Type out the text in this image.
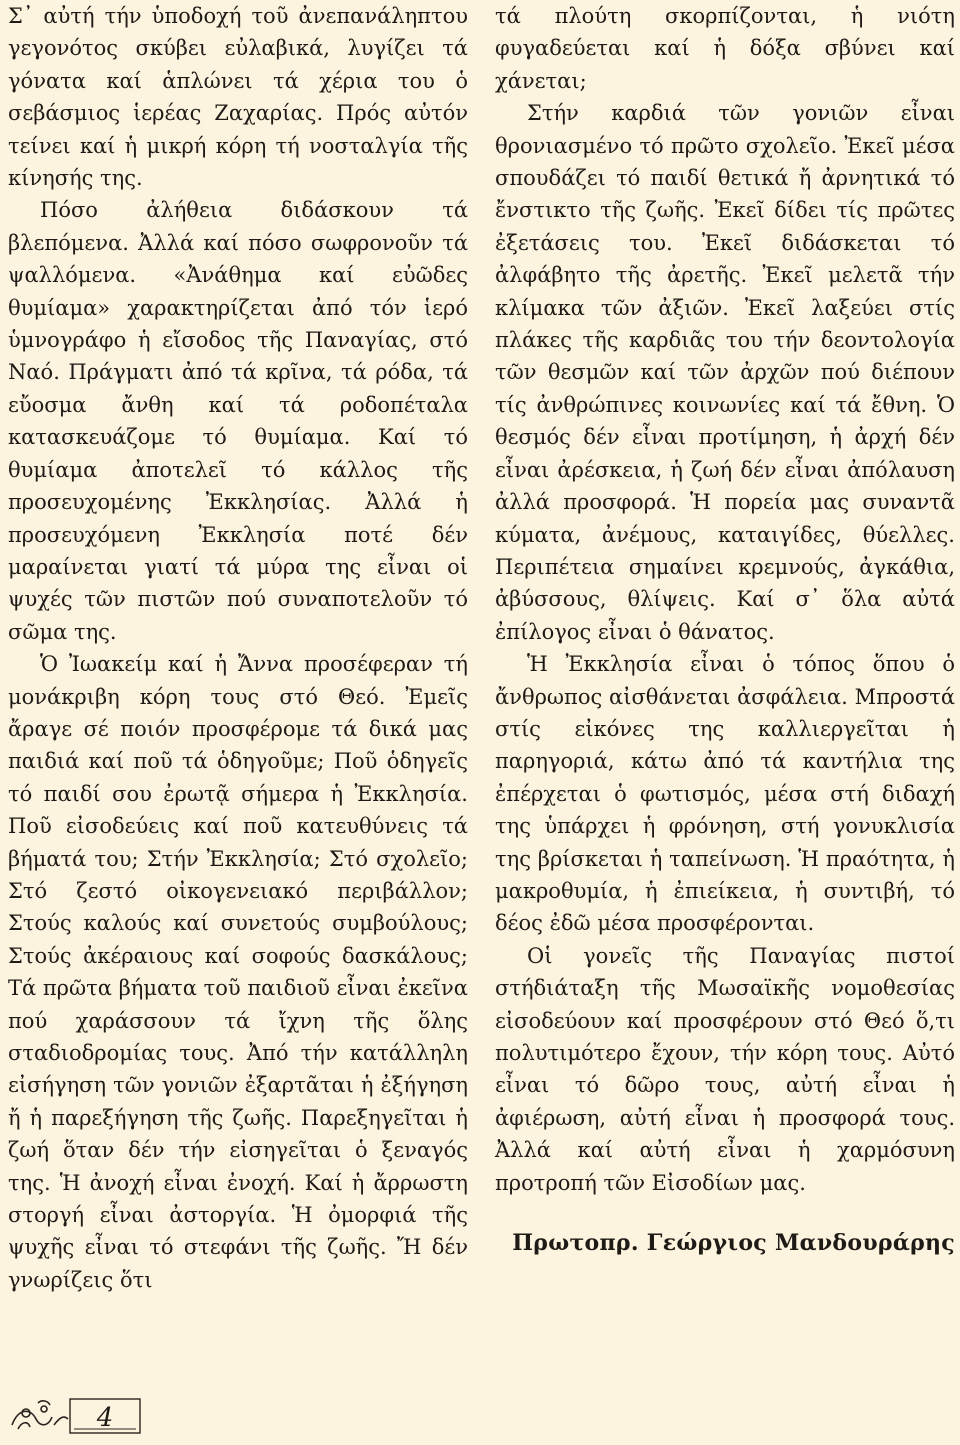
Σ᾽ αὐτή τήν ὑποδοχή τοῦ ἀνεπανάληπτου γεγονότος σκύβει εὐλαβικά, λυγίζει τά γόνατα καί ἁπλώνει τά χέρια του ὁ σεβάσμιος ἱερέας Ζαχαρίας. Πρός αὐτόν τείνει καί ἡ μικρή κόρη τή νοσταλγία τῆς κίνησής της.

Πόσο ἀλήθεια διδάσκουν τά βλεπόμενα. Ἀλλά καί πόσο σωφρονοῦν τά ψαλλόμενα. «Ἀνάθημα καί εὐῶδες θυμίαμα» χαρακτηρίζεται ἀπό τόν ἱερό ὑμνογράφο ἡ εἴσοδος τῆς Παναγίας, στό Ναό. Πράγματι ἀπό τά κρῖνα, τά ρόδα, τά εὔοσμα ἄνθη καί τά ροδοπέταλα κατασκευάζομε τό θυμίαμα. Καί τό θυμίαμα ἀποτελεῖ τό κάλλος τῆς προσευχομένης Ἐκκλησίας. Ἀλλά ἡ προσευχόμενη Ἐκκλησία ποτέ δέν μαραίνεται γιατί τά μύρα της εἶναι οἱ ψυχές τῶν πιστῶν πού συναποτελοῦν τό σῶμα της.

Ὁ Ἰωακείμ καί ἡ Ἄννα προσέφεραν τή μονάκριβη κόρη τους στό Θεό. Ἐμεῖς ἄραγε σέ ποιόν προσφέρομε τά δικά μας παιδιά καί ποῦ τά ὁδηγοῦμε; Ποῦ ὁδηγεῖς τό παιδί σου ἐρωτᾷ σήμερα ἡ Ἐκκλησία. Ποῦ εἰσοδεύεις καί ποῦ κατευθύνεις τά βήματά του; Στήν Ἐκκλησία; Στό σχολεῖο; Στό ζεστό οἰκογενειακό περιβάλλον; Στούς καλούς καί συνετούς συμβούλους; Στούς ἀκέραιους καί σοφούς δασκάλους; Τά πρῶτα βήματα τοῦ παιδιοῦ εἶναι ἐκεῖνα πού χαράσσουν τά ἴχνη τῆς ὅλης σταδιοδρομίας τους. Ἀπό τήν κατάλληλη εἰσήγηση τῶν γονιῶν ἐξαρτᾶται ἡ ἐξήγηση ἤ ἡ παρεξήγηση τῆς ζωῆς. Παρεξηγεῖται ἡ ζωή ὅταν δέν τήν εἰσηγεῖται ὁ ξεναγός της. Ἡ ἀνοχή εἶναι ἐνοχή. Καί ἡ ἄρρωστη στοργή εἶναι ἀστοργία. Ἡ ὀμορφιά τῆς ψυχῆς εἶναι τό στεφάνι τῆς ζωῆς. Ἤ δέν γνωρίζεις ὅτι

τά πλούτη σκορπίζονται, ἡ νιότη φυγαδεύεται καί ἡ δόξα σβύνει καί χάνεται;

Στήν καρδιά τῶν γονιῶν εἶναι θρονιασμένο τό πρῶτο σχολεῖο. Ἐκεῖ μέσα σπουδάζει τό παιδί θετικά ἤ ἀρνητικά τό ἔνστικτο τῆς ζωῆς. Ἐκεῖ δίδει τίς πρῶτες ἐξετάσεις του. Ἐκεῖ διδάσκεται τό ἀλφάβητο τῆς ἀρετῆς. Ἐκεῖ μελετᾶ τήν κλίμακα τῶν ἀξιῶν. Ἐκεῖ λαξεύει στίς πλάκες τῆς καρδιᾶς του τήν δεοντολογία τῶν θεσμῶν καί τῶν ἀρχῶν πού διέπουν τίς ἀνθρώπινες κοινωνίες καί τά ἔθνη. Ὁ θεσμός δέν εἶναι προτίμηση, ἡ ἀρχή δέν εἶναι ἀρέσκεια, ἡ ζωή δέν εἶναι ἀπόλαυση ἀλλά προσφορά. Ἡ πορεία μας συναντᾶ κύματα, ἀνέμους, καταιγίδες, θύελλες. Περιπέτεια σημαίνει κρεμνούς, ἀγκάθια, ἀβύσσους, θλίψεις. Καί σ᾽ ὅλα αὐτά ἐπίλογος εἶναι ὁ θάνατος.

Ἡ Ἐκκλησία εἶναι ὁ τόπος ὅπου ὁ ἄνθρωπος αἰσθάνεται ἀσφάλεια. Μπροστά στίς εἰκόνες της καλλιεργεῖται ἡ παρηγοριά, κάτω ἀπό τά καντήλια της ἐπέρχεται ὁ φωτισμός, μέσα στή διδαχή της ὑπάρχει ἡ φρόνηση, στή γονυκλισία της βρίσκεται ἡ ταπείνωση. Ἡ πραότητα, ἡ μακροθυμία, ἡ ἐπιείκεια, ἡ συντιβή, τό δέος ἐδῶ μέσα προσφέρονται.

Οἱ γονεῖς τῆς Παναγίας πιστοί στήδιάταξη τῆς Μωσαϊκῆς νομοθεσίας εἰσοδεύουν καί προσφέρουν στό Θεό ὅ,τι πολυτιμότερο ἔχουν, τήν κόρη τους. Αὐτό εἶναι τό δῶρο τους, αὐτή εἶναι ἡ ἀφιέρωση, αὐτή εἶναι ἡ προσφορά τους. Ἀλλά καί αὐτή εἶναι ἡ χαρμόσυνη προτροπή τῶν Εἰσοδίων μας.

Πρωτοπρ. Γεώργιος Μανδουράρης
4
